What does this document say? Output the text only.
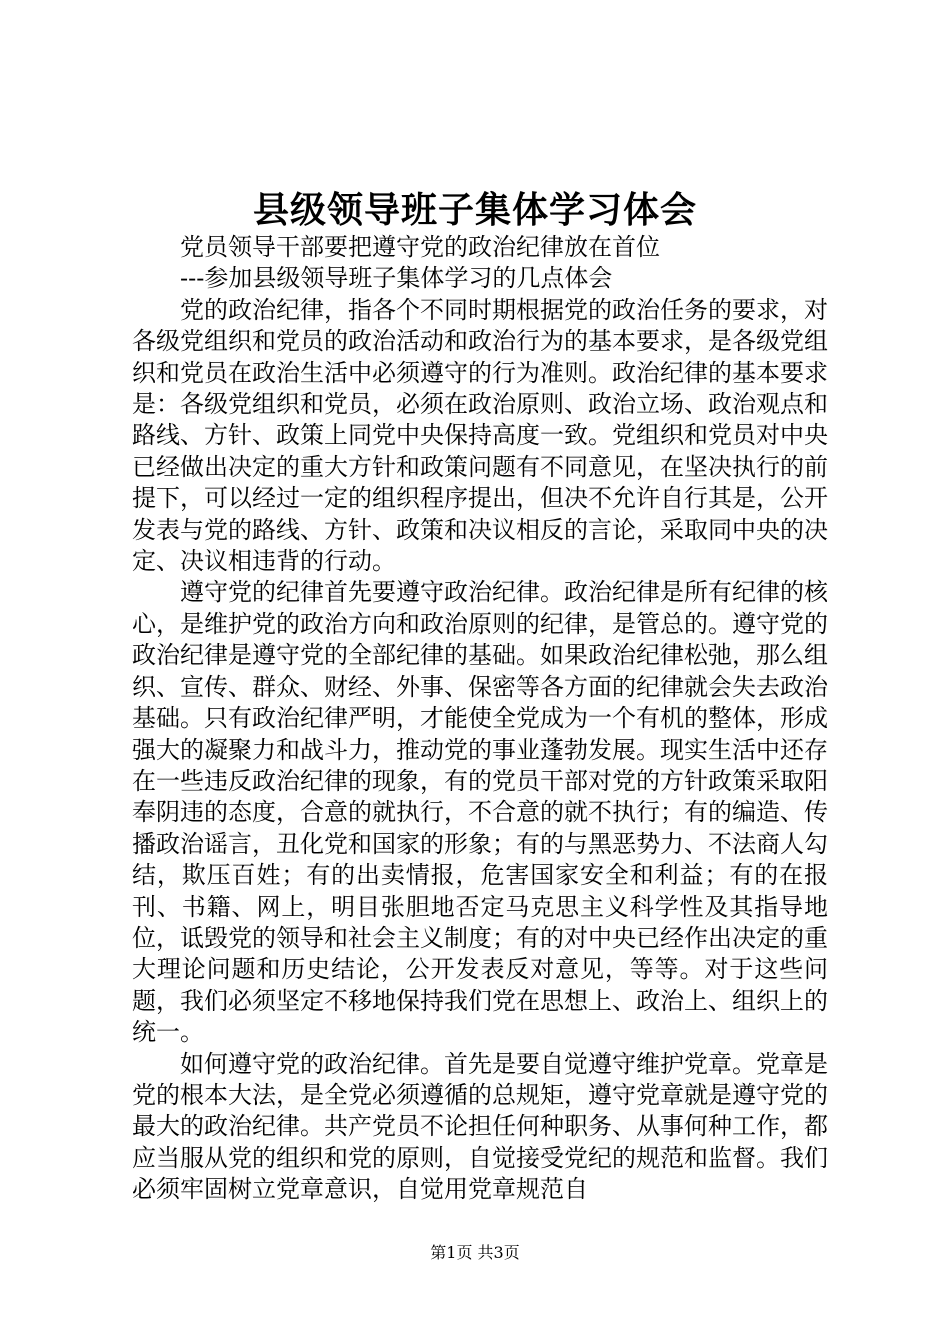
县级领导班子集体学习体会

党员领导干部要把遵守党的政治纪律放在首位

---参加县级领导班子集体学习的几点体会

党的政治纪律，指各个不同时期根据党的政治任务的要求，对各级党组织和党员的政治活动和政治行为的基本要求，是各级党组织和党员在政治生活中必须遵守的行为准则。政治纪律的基本要求是：各级党组织和党员，必须在政治原则、政治立场、政治观点和路线、方针、政策上同党中央保持高度一致。党组织和党员对中央已经做出决定的重大方针和政策问题有不同意见，在坚决执行的前提下，可以经过一定的组织程序提出，但决不允许自行其是，公开发表与党的路线、方针、政策和决议相反的言论，采取同中央的决定、决议相违背的行动。

遵守党的纪律首先要遵守政治纪律。政治纪律是所有纪律的核心，是维护党的政治方向和政治原则的纪律，是管总的。遵守党的政治纪律是遵守党的全部纪律的基础。如果政治纪律松弛，那么组织、宣传、群众、财经、外事、保密等各方面的纪律就会失去政治基础。只有政治纪律严明，才能使全党成为一个有机的整体，形成强大的凝聚力和战斗力，推动党的事业蓬勃发展。现实生活中还存在一些违反政治纪律的现象，有的党员干部对党的方针政策采取阳奉阴违的态度，合意的就执行，不合意的就不执行；有的编造、传播政治谣言，丑化党和国家的形象；有的与黑恶势力、不法商人勾结，欺压百姓；有的出卖情报，危害国家安全和利益；有的在报刊、书籍、网上，明目张胆地否定马克思主义科学性及其指导地位，诋毁党的领导和社会主义制度；有的对中央已经作出决定的重大理论问题和历史结论，公开发表反对意见，等等。对于这些问题，我们必须坚定不移地保持我们党在思想上、政治上、组织上的统一。

如何遵守党的政治纪律。首先是要自觉遵守维护党章。党章是党的根本大法，是全党必须遵循的总规矩，遵守党章就是遵守党的最大的政治纪律。共产党员不论担任何种职务、从事何种工作，都应当服从党的组织和党的原则，自觉接受党纪的规范和监督。我们必须牢固树立党章意识，自觉用党章规范自

第1页 共3页
